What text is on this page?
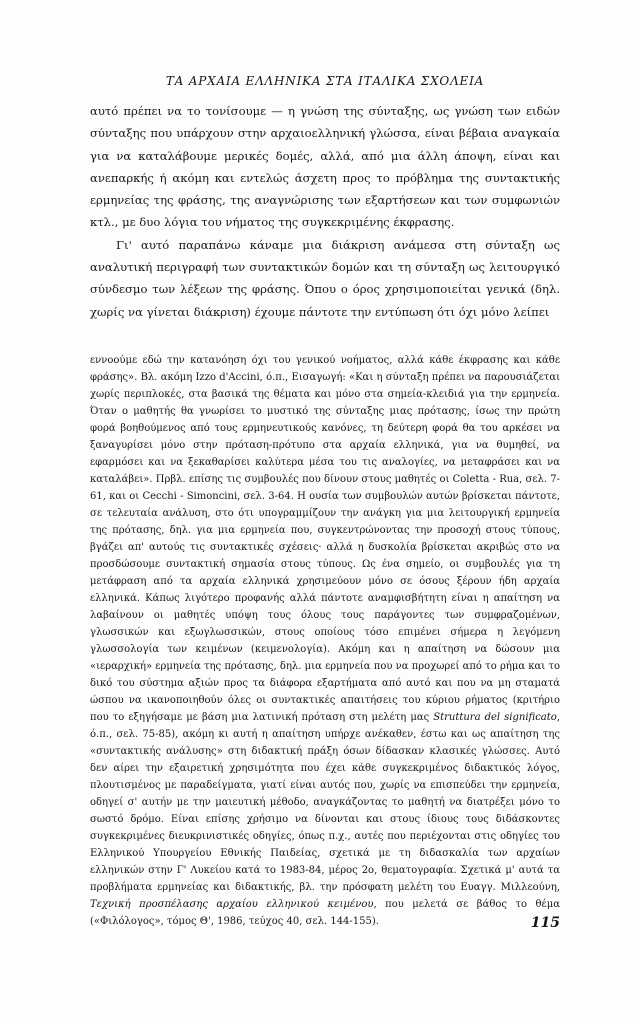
ΤΑ ΑΡΧΑΙΑ ΕΛΛΗΝΙΚΑ ΣΤΑ ΙΤΑΛΙΚΑ ΣΧΟΛΕΙΑ

αυτό πρέπει να το τονίσουμε — η γνώση της σύνταξης, ως γνώση των ειδών σύνταξης που υπάρχουν στην αρχαιοελληνική γλώσσα, είναι βέβαια αναγκαία για να καταλάβουμε μερικές δομές, αλλά, από μια άλλη άποψη, είναι και ανεπαρκής ή ακόμη και εντελώς άσχετη προς το πρόβλημα της συντακτικής ερμηνείας της φράσης, της αναγνώρισης των εξαρτήσεων και των συμφωνιών κτλ., με δυο λόγια του νήματος της συγκεκριμένης έκφρασης.

Γι' αυτό παραπάνω κάναμε μια διάκριση ανάμεσα στη σύνταξη ως αναλυτική περιγραφή των συντακτικών δομών και τη σύνταξη ως λειτουργικό σύνδεσμο των λέξεων της φράσης. Όπου ο όρος χρησιμοποιείται γενικά (δηλ. χωρίς να γίνεται διάκριση) έχουμε πάντοτε την εντύπωση ότι όχι μόνο λείπει

εννοούμε εδώ την κατανόηση όχι του γενικού νοήματος, αλλά κάθε έκφρασης και κάθε φράσης». Βλ. ακόμη Izzo d'Accini, ό.π., Εισαγωγή: «Και η σύνταξη πρέπει να παρουσιάζεται χωρίς περιπλοκές, στα βασικά της θέματα και μόνο στα σημεία-κλειδιά για την ερμηνεία. Όταν ο μαθητής θα γνωρίσει το μυστικό της σύνταξης μιας πρότασης, ίσως την πρώτη φορά βοηθούμενος από τους ερμηνευτικούς κανόνες, τη δεύτερη φορά θα του αρκέσει να ξαναγυρίσει μόνο στην πρόταση-πρότυπο στα αρχαία ελληνικά, για να θυμηθεί, να εφαρμόσει και να ξεκαθαρίσει καλύτερα μέσα του τις αναλογίες, να μεταφράσει και να καταλάβει». Πρβλ. επίσης τις συμβουλές που δίνουν στους μαθητές οι Coletta - Rua, σελ. 7-61, και οι Cecchi - Simoncini, σελ. 3-64. Η ουσία των συμβουλών αυτών βρίσκεται πάντοτε, σε τελευταία ανάλυση, στο ότι υπογραμμίζουν την ανάγκη για μια λειτουργική ερμηνεία της πρότασης, δηλ. για μια ερμηνεία που, συγκεντρώνοντας την προσοχή στους τύπους, βγάζει απ' αυτούς τις συντακτικές σχέσεις· αλλά η δυσκολία βρίσκεται ακριβώς στο να προσδώσουμε συντακτική σημασία στους τύπους. Ως ένα σημείο, οι συμβουλές για τη μετάφραση από τα αρχαία ελληνικά χρησιμεύουν μόνο σε όσους ξέρουν ήδη αρχαία ελληνικά. Κάπως λιγότερο προφανής αλλά πάντοτε αναμφισβήτητη είναι η απαίτηση να λαβαίνουν οι μαθητές υπόψη τους όλους τους παράγοντες των συμφραζομένων, γλωσσικών και εξωγλωσσικών, στους οποίους τόσο επιμένει σήμερα η λεγόμενη γλωσσολογία των κειμένων (κειμενολογία). Ακόμη και η απαίτηση να δώσουν μια «ιεραρχική» ερμηνεία της πρότασης, δηλ. μια ερμηνεία που να προχωρεί από το ρήμα και το δικό του σύστημα αξιών προς τα διάφορα εξαρτήματα από αυτό και που να μη σταματά ώσπου να ικανοποιηθούν όλες οι συντακτικές απαιτήσεις του κύριου ρήματος (κριτήριο που το εξηγήσαμε με βάση μια λατινική πρόταση στη μελέτη μας Struttura del significato, ό.π., σελ. 75-85), ακόμη κι αυτή η απαίτηση υπήρχε ανέκαθεν, έστω και ως απαίτηση της «συντακτικής ανάλυσης» στη διδακτική πράξη όσων δίδασκαν κλασικές γλώσσες. Αυτό δεν αίρει την εξαιρετική χρησιμότητα που έχει κάθε συγκεκριμένος διδακτικός λόγος, πλουτισμένος με παραδείγματα, γιατί είναι αυτός που, χωρίς να επισπεύδει την ερμηνεία, οδηγεί σ' αυτήν με την μαιευτική μέθοδο, αναγκάζοντας το μαθητή να διατρέξει μόνο το σωστό δρόμο. Είναι επίσης χρήσιμο να δίνονται και στους ίδιους τους διδάσκοντες συγκεκριμένες διευκρινιστικές οδηγίες, όπως π.χ., αυτές που περιέχονται στις οδηγίες του Ελληνικού Υπουργείου Εθνικής Παιδείας, σχετικά με τη διδασκαλία των αρχαίων ελληνικών στην Γ' Λυκείου κατά το 1983-84, μέρος 2ο, θεματογραφία. Σχετικά μ' αυτά τα προβλήματα ερμηνείας και διδακτικής, βλ. την πρόσφατη μελέτη του Ευαγγ. Μιλλεούνη, Τεχνική προσπέλασης αρχαίου ελληνικού κειμένου, που μελετά σε βάθος το θέμα («Φιλόλογος», τόμος Θ', 1986, τεύχος 40, σελ. 144-155).	115
